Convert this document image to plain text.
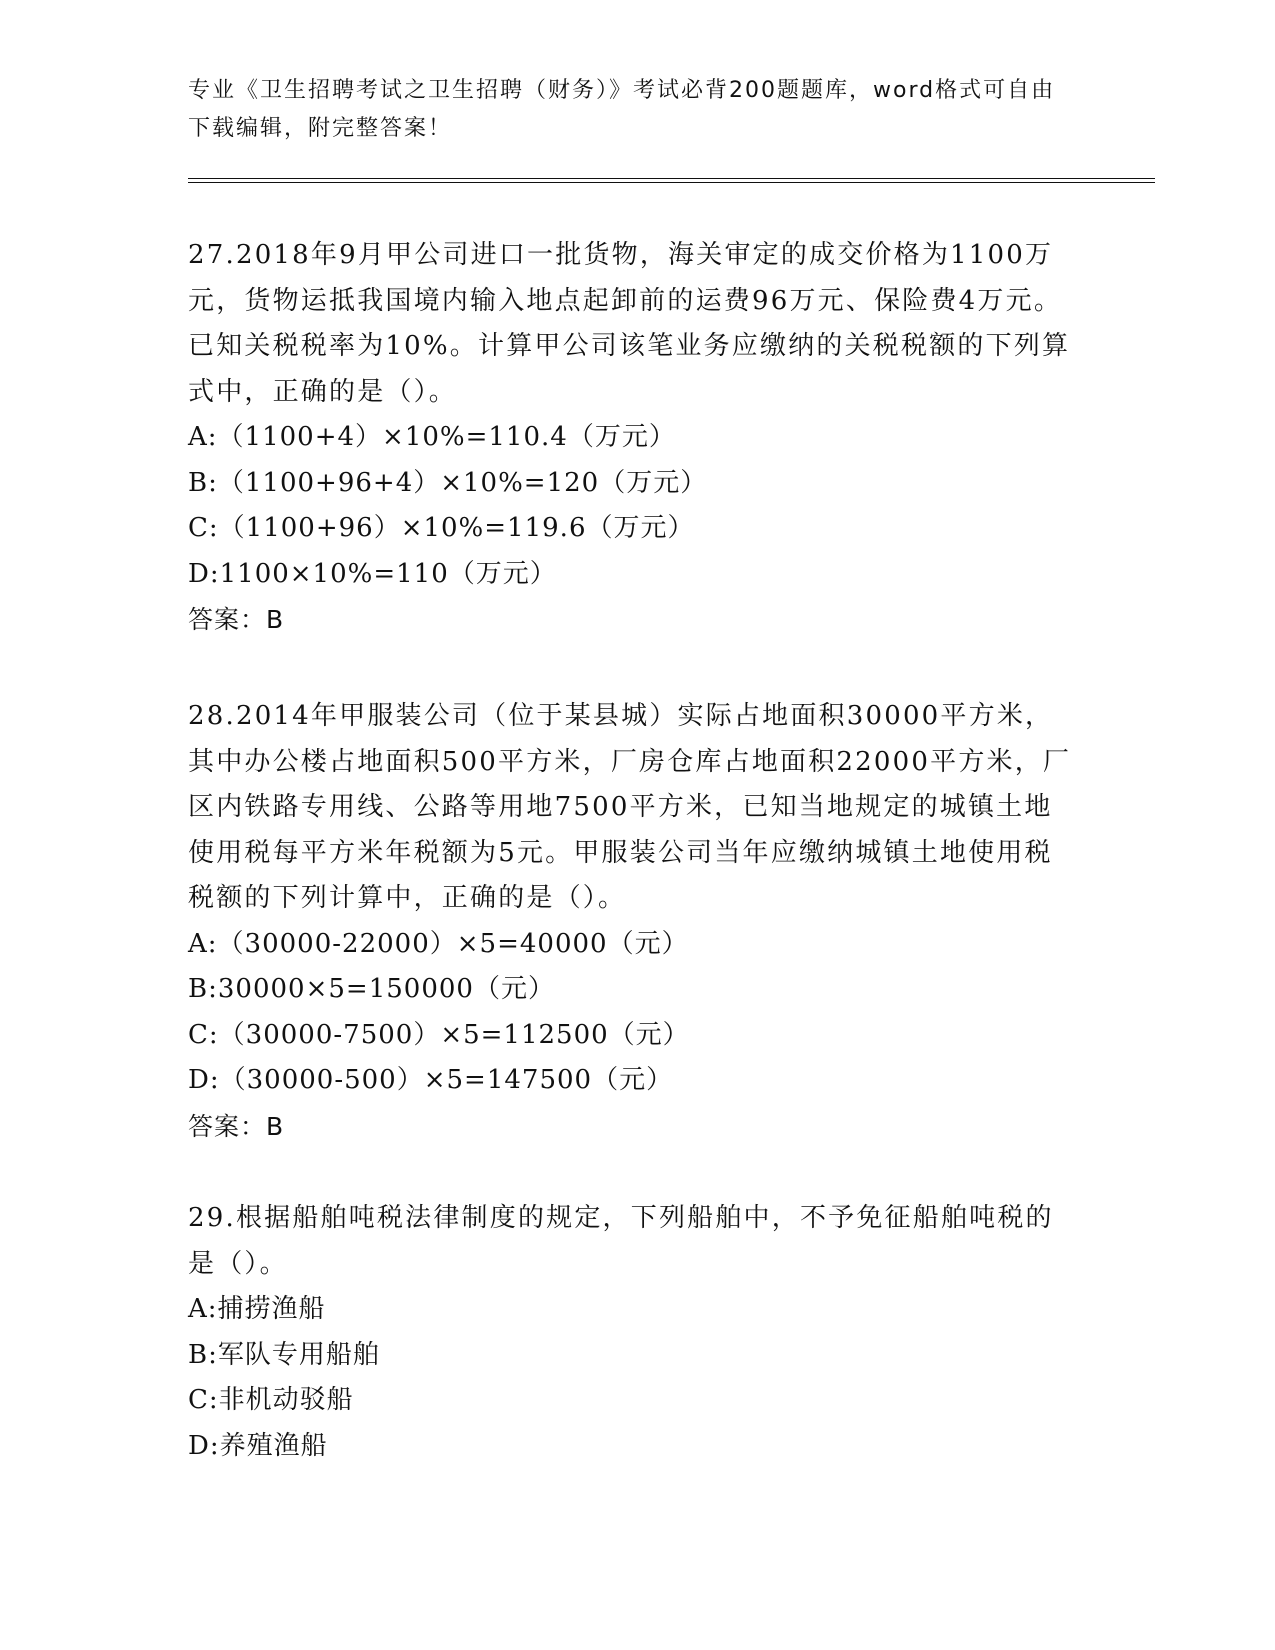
专业《卫生招聘考试之卫生招聘（财务）》考试必背200题题库，word格式可自由下载编辑，附完整答案！

27.2018年9月甲公司进口一批货物，海关审定的成交价格为1100万元，货物运抵我国境内输入地点起卸前的运费96万元、保险费4万元。已知关税税率为10%。计算甲公司该笔业务应缴纳的关税税额的下列算式中，正确的是（）。

A:（1100+4）×10%=110.4（万元）

B:（1100+96+4）×10%=120（万元）

C:（1100+96）×10%=119.6（万元）

D:1100×10%=110（万元）

答案：B

28.2014年甲服装公司（位于某县城）实际占地面积30000平方米，其中办公楼占地面积500平方米，厂房仓库占地面积22000平方米，厂区内铁路专用线、公路等用地7500平方米，已知当地规定的城镇土地使用税每平方米年税额为5元。甲服装公司当年应缴纳城镇土地使用税税额的下列计算中，正确的是（）。

A:（30000-22000）×5=40000（元）

B:30000×5=150000（元）

C:（30000-7500）×5=112500（元）

D:（30000-500）×5=147500（元）

答案：B

29.根据船舶吨税法律制度的规定，下列船舶中，不予免征船舶吨税的是（）。

A:捕捞渔船

B:军队专用船舶

C:非机动驳船

D:养殖渔船
